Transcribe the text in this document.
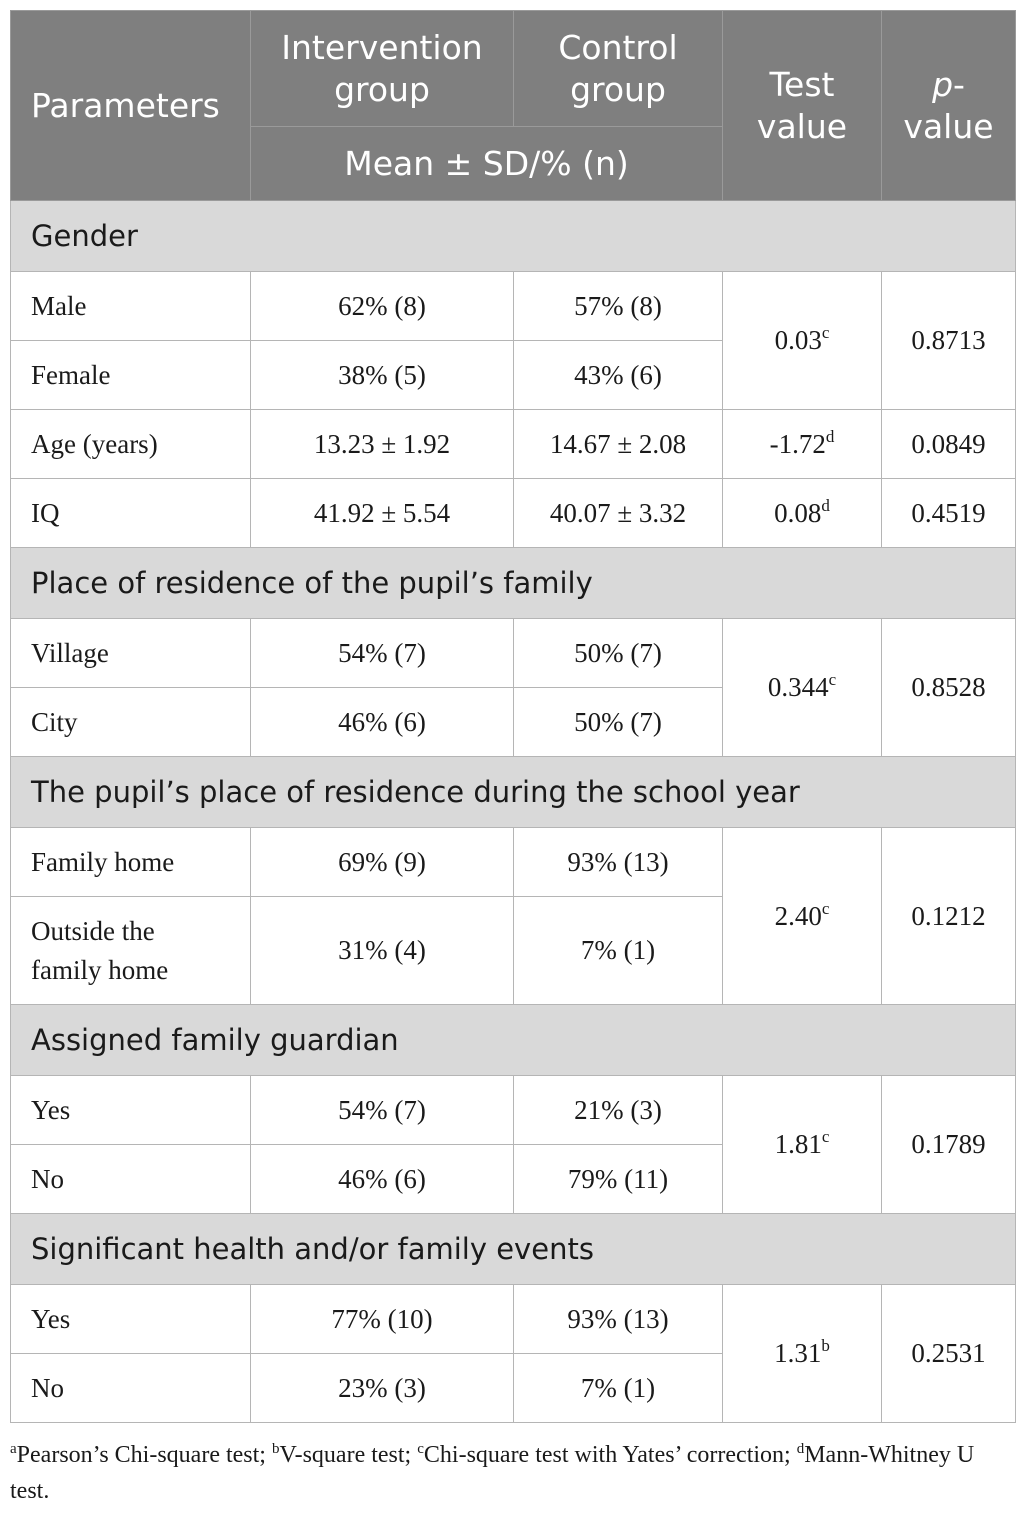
Parameters	Intervention group	Control group	Test value	p-value
	Mean ± SD/% (n)			
Gender				
Male	62% (8)	57% (8)	0.03$^c$	0.8713
Female	38% (5)	43% (6)		
Age (years)	13.23 ± 1.92	14.67 ± 2.08	-1.72$^d$	0.0849
IQ	41.92 ± 5.54	40.07 ± 3.32	0.08$^d$	0.4519
Place of residence of the pupil’s family				
Village	54% (7)	50% (7)	0.344$^c$	0.8528
City	46% (6)	50% (7)		
The pupil’s place of residence during the school year				
Family home	69% (9)	93% (13)	2.40$^c$	0.1212
Outside the
family home	31% (4)	7% (1)		
Assigned family guardian				
Yes	54% (7)	21% (3)	1.81$^c$	0.1789
No	46% (6)	79% (11)		
Significant health and/or family events				
Yes	77% (10)	93% (13)	1.31$^b$	0.2531
No	23% (3)	7% (1)		
$^a$Pearson’s Chi-square test; $^b$V-square test; $^c$Chi-square test with Yates’ correction; $^d$Mann-Whitney U test.
